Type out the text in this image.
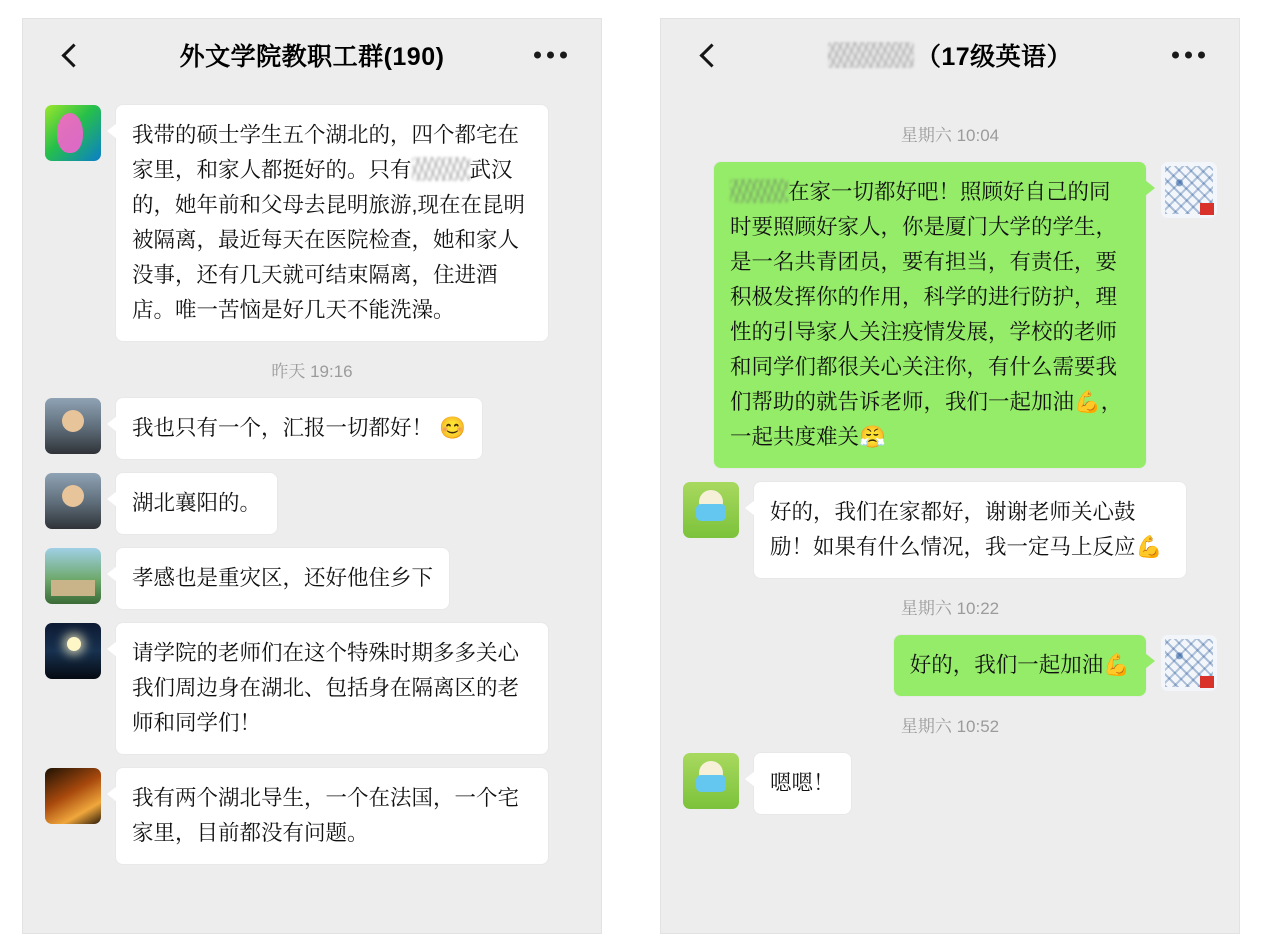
外文学院教职工群(190)
我带的硕士学生五个湖北的，四个都宅在家里，和家人都挺好的。只有	武汉的，她年前和父母去昆明旅游,现在在昆明被隔离，最近每天在医院检查，她和家人没事，还有几天就可结束隔离，住进酒店。唯一苦恼是好几天不能洗澡。
昨天 19:16
我也只有一个，汇报一切都好！ 😊
湖北襄阳的。
孝感也是重灾区，还好他住乡下
请学院的老师们在这个特殊时期多多关心我们周边身在湖北、包括身在隔离区的老师和同学们！
我有两个湖北导生，一个在法国，一个宅家里，目前都没有问题。
（17级英语）
星期六 10:04
在家一切都好吧！照顾好自己的同时要照顾好家人，你是厦门大学的学生，是一名共青团员，要有担当，有责任，要积极发挥你的作用，科学的进行防护，理性的引导家人关注疫情发展，学校的老师和同学们都很关心关注你，有什么需要我们帮助的就告诉老师，我们一起加油💪，一起共度难关😤
好的，我们在家都好，谢谢老师关心鼓励！如果有什么情况，我一定马上反应💪
星期六 10:22
好的，我们一起加油💪
星期六 10:52
嗯嗯！
